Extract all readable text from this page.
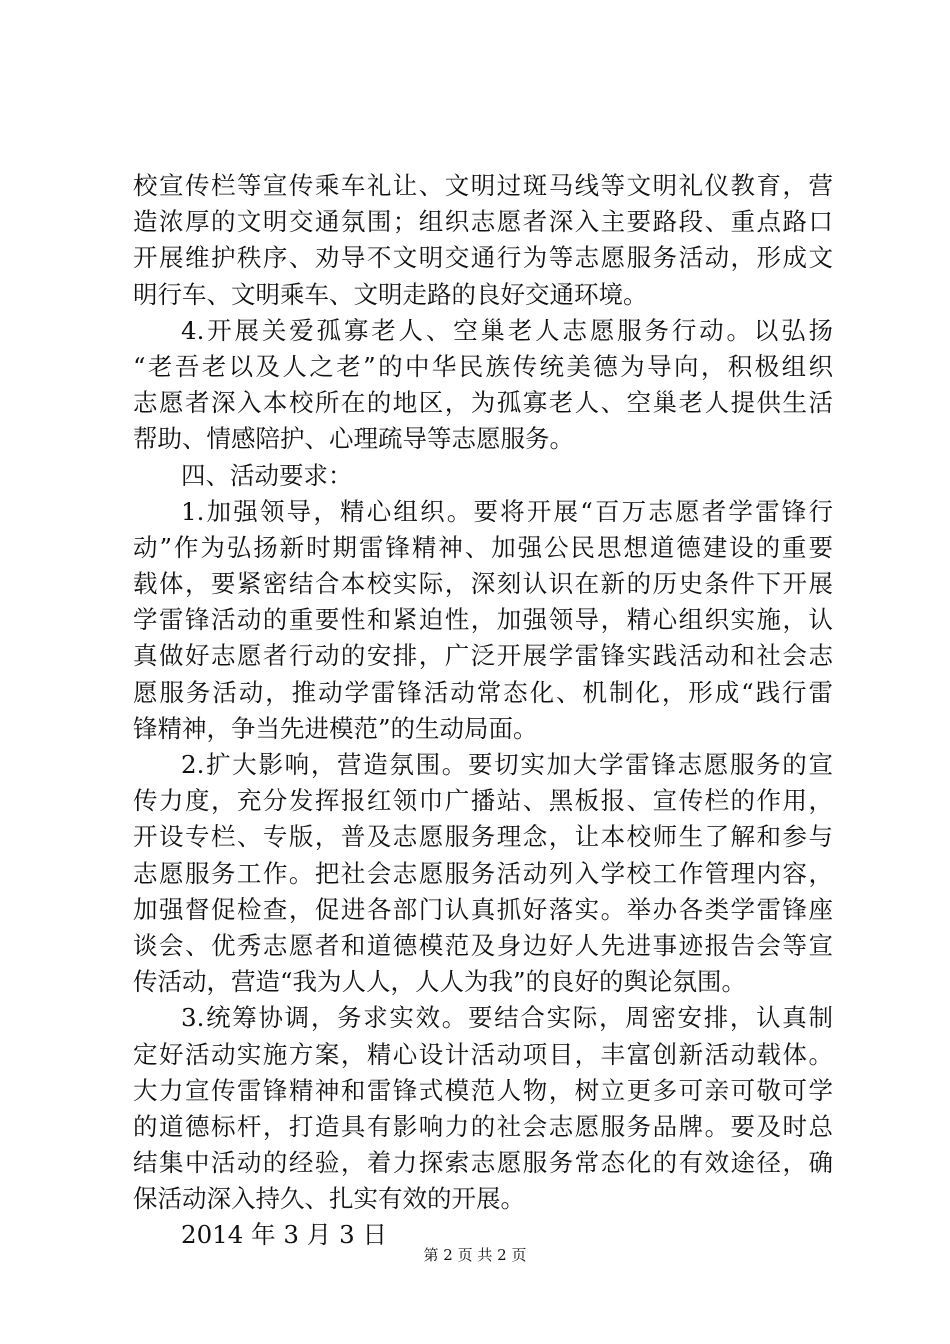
校宣传栏等宣传乘车礼让、文明过斑马线等文明礼仪教育，营
造浓厚的文明交通氛围；组织志愿者深入主要路段、重点路口
开展维护秩序、劝导不文明交通行为等志愿服务活动，形成文
明行车、文明乘车、文明走路的良好交通环境。
4.开展关爱孤寡老人、空巢老人志愿服务行动。以弘扬
“老吾老以及人之老”的中华民族传统美德为导向，积极组织
志愿者深入本校所在的地区，为孤寡老人、空巢老人提供生活
帮助、情感陪护、心理疏导等志愿服务。
四、活动要求：
1.加强领导，精心组织。要将开展“百万志愿者学雷锋行
动”作为弘扬新时期雷锋精神、加强公民思想道德建设的重要
载体，要紧密结合本校实际，深刻认识在新的历史条件下开展
学雷锋活动的重要性和紧迫性，加强领导，精心组织实施，认
真做好志愿者行动的安排，广泛开展学雷锋实践活动和社会志
愿服务活动，推动学雷锋活动常态化、机制化，形成“践行雷
锋精神，争当先进模范”的生动局面。
2.扩大影响，营造氛围。要切实加大学雷锋志愿服务的宣
传力度，充分发挥报红领巾广播站、黑板报、宣传栏的作用，
开设专栏、专版，普及志愿服务理念，让本校师生了解和参与
志愿服务工作。把社会志愿服务活动列入学校工作管理内容，
加强督促检查，促进各部门认真抓好落实。举办各类学雷锋座
谈会、优秀志愿者和道德模范及身边好人先进事迹报告会等宣
传活动，营造“我为人人，人人为我”的良好的舆论氛围。
3.统筹协调，务求实效。要结合实际，周密安排，认真制
定好活动实施方案，精心设计活动项目，丰富创新活动载体。
大力宣传雷锋精神和雷锋式模范人物，树立更多可亲可敬可学
的道德标杆，打造具有影响力的社会志愿服务品牌。要及时总
结集中活动的经验，着力探索志愿服务常态化的有效途径，确
保活动深入持久、扎实有效的开展。
2014 年 3 月 3 日
第 2 页 共 2 页
